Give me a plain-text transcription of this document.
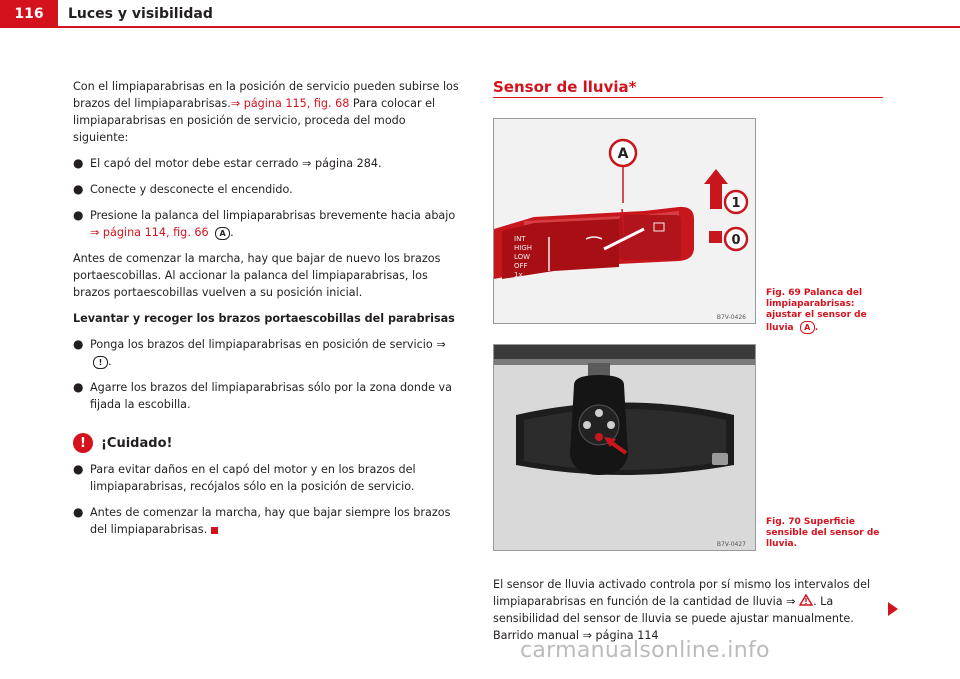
116	Luces y visibilidad

Con el limpiaparabrisas en la posición de servicio pueden subirse los brazos del limpiaparabrisas.⇒ página 115, fig. 68 Para colocar el limpiaparabrisas en posición de servicio, proceda del modo siguiente:

● El capó del motor debe estar cerrado ⇒ página 284.
● Conecte y desconecte el encendido.
● Presione la palanca del limpiaparabrisas brevemente hacia abajo
⇒ página 114, fig. 66 A .

Antes de comenzar la marcha, hay que bajar de nuevo los brazos portaescobillas. Al accionar la palanca del limpiaparabrisas, los brazos portaescobillas vuelven a su posición inicial.

Levantar y recoger los brazos portaescobillas del parabrisas

● Ponga los brazos del limpiaparabrisas en posición de servicio ⇒ ! .
● Agarre los brazos del limpiaparabrisas sólo por la zona donde va fijada la escobilla.
!	¡Cuidado!
● Para evitar daños en el capó del motor y en los brazos del limpiaparabrisas, recójalos sólo en la posición de servicio.
● Antes de comenzar la marcha, hay que bajar siempre los brazos del limpiaparabrisas.
Sensor de lluvia*
INT
HIGH
LOW
OFF
1x
A
1
0
B7V-0426
Fig. 69 Palanca del limpiaparabrisas: ajustar el sensor de lluvia A .
B7V-0427
Fig. 70 Superficie sensible del sensor de lluvia.
El sensor de lluvia activado controla por sí mismo los intervalos del limpiaparabrisas en función de la cantidad de lluvia ⇒ . La sensibilidad del sensor de lluvia se puede ajustar manualmente. Barrido manual ⇒ página 114
carmanualsonline.info
